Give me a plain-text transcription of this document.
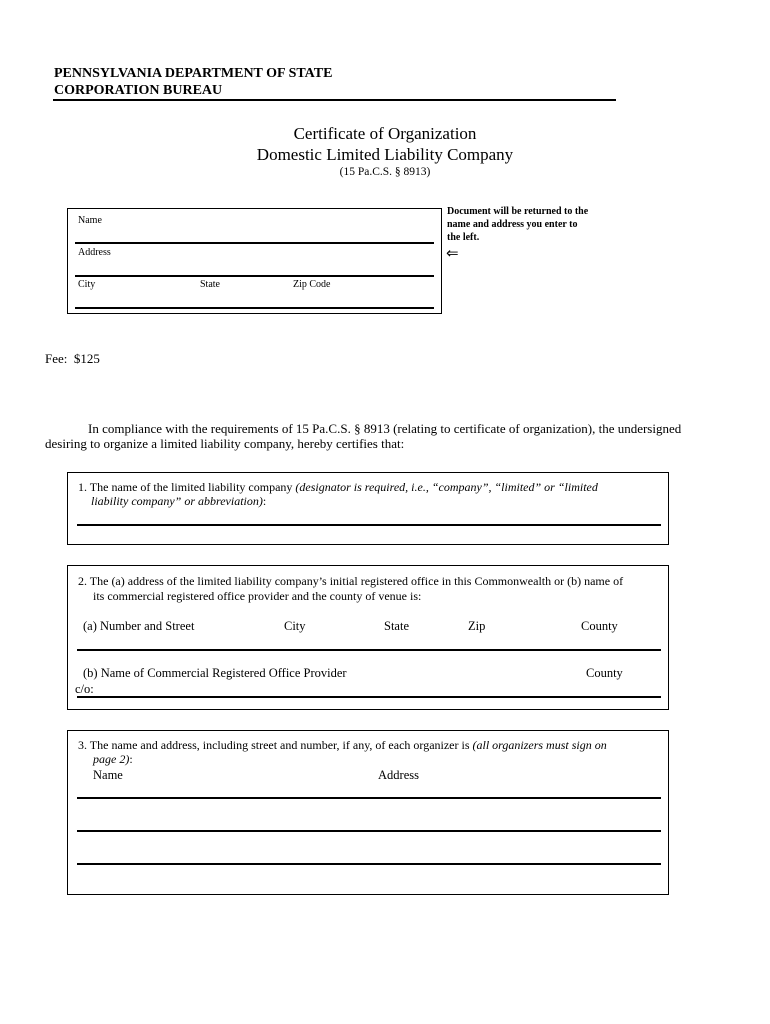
PENNSYLVANIA DEPARTMENT OF STATE
CORPORATION BUREAU
Certificate of Organization
Domestic Limited Liability Company
(15 Pa.C.S. § 8913)
Name
Address
City	State	Zip Code
Document will be returned to the
name and address you enter to
the left.
⇐
Fee:  $125
In compliance with the requirements of 15 Pa.C.S. § 8913 (relating to certificate of organization), the undersigned
desiring to organize a limited liability company, hereby certifies that:
1. The name of the limited liability company (designator is required, i.e., “company”, “limited” or “limited
liability company” or abbreviation):
2. The (a) address of the limited liability company’s initial registered office in this Commonwealth or (b) name of
its commercial registered office provider and the county of venue is:
(a) Number and Street	City	State	Zip	County
(b) Name of Commercial Registered Office Provider	County
c/o:
3. The name and address, including street and number, if any, of each organizer is (all organizers must sign on
page 2):
Name	Address
